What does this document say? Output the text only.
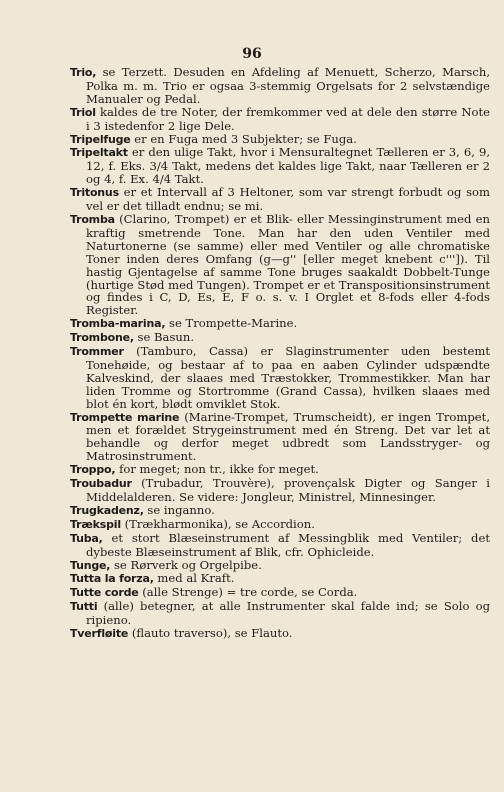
96

Trio, se Terzett. Desuden en Afdeling af Menuett, Scherzo, Marsch, Polka m. m. Trio er ogsaa 3-stemmig Orgelsats for 2 selvstændige Manualer og Pedal.

Triol kaldes de tre Noter, der fremkommer ved at dele den større Note i 3 istedenfor 2 lige Dele.

Tripelfuge er en Fuga med 3 Subjekter; se Fuga.

Tripeltakt er den ulige Takt, hvor i Mensuraltegnet Tælleren er 3, 6, 9, 12, f. Eks. 3/4 Takt, medens det kaldes lige Takt, naar Tælleren er 2 og 4, f. Ex. 4/4 Takt.

Tritonus er et Intervall af 3 Heltoner, som var strengt forbudt og som vel er det tilladt endnu; se mi.

Tromba (Clarino, Trompet) er et Blik- eller Messinginstrument med en kraftig smetrende Tone. Man har den uden Ventiler med Naturtonerne (se samme) eller med Ventiler og alle chromatiske Toner inden deres Omfang (g—g'' [eller meget knebent c''']). Til hastig Gjentagelse af samme Tone bruges saakaldt Dobbelt-Tunge (hurtige Stød med Tungen). Trompet er et Transpositionsinstrument og findes i C, D, Es, E, F o. s. v. I Orglet et 8-fods eller 4-fods Register.

Tromba-marina, se Trompette-Marine.

Trombone, se Basun.

Trommer (Tamburo, Cassa) er Slaginstrumenter uden bestemt Tonehøide, og bestaar af to paa en aaben Cylinder udspændte Kalveskind, der slaaes med Træstokker, Trommestikker. Man har liden Tromme og Stortromme (Grand Cassa), hvilken slaaes med blot én kort, blødt omviklet Stok.

Trompette marine (Marine-Trompet, Trumscheidt), er ingen Trompet, men et forældet Strygeinstrument med én Streng. Det var let at behandle og derfor meget udbredt som Landsstryger- og Matrosinstrument.

Troppo, for meget; non tr., ikke for meget.

Troubadur (Trubadur, Trouvère), provençalsk Digter og Sanger i Middelalderen. Se videre: Jongleur, Ministrel, Minnesinger.

Trugkadenz, se inganno.

Trækspil (Trækharmonika), se Accordion.

Tuba, et stort Blæseinstrument af Messingblik med Ventiler; det dybeste Blæseinstrument af Blik, cfr. Ophicleide.

Tunge, se Rørverk og Orgelpibe.

Tutta la forza, med al Kraft.

Tutte corde (alle Strenge) = tre corde, se Corda.

Tutti (alle) betegner, at alle Instrumenter skal falde ind; se Solo og ripieno.

Tverfløite (flauto traverso), se Flauto.
